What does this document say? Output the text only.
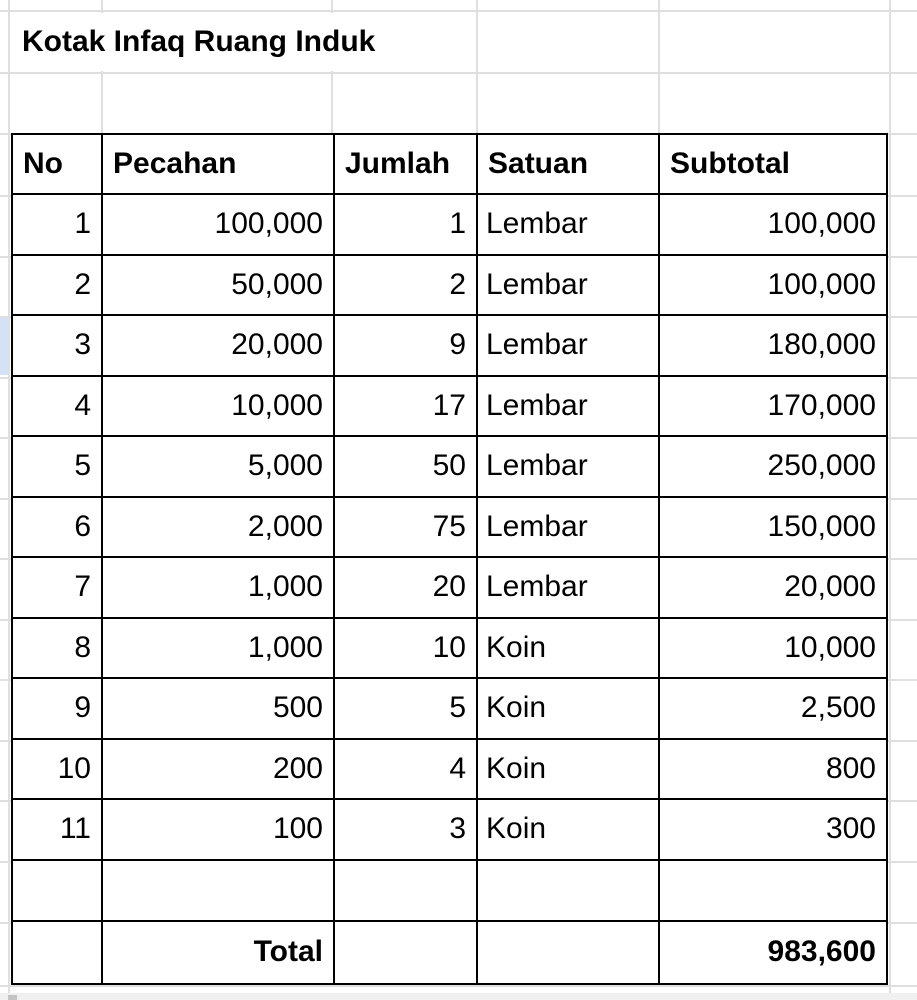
Kotak Infaq Ruang Induk
No	Pecahan	Jumlah	Satuan	Subtotal
1	100,000	1 Lembar	100,000
2	50,000	2 Lembar	100,000
3	20,000	9 Lembar	180,000
4	10,000	17 Lembar	170,000
5	5,000	50 Lembar	250,000
6	2,000	75 Lembar	150,000
7	1,000	20 Lembar	20,000
8	1,000	10 Koin	10,000
9	500	5 Koin	2,500
10	200	4 Koin	800
11	100	3 Koin	300
Total	983,600
